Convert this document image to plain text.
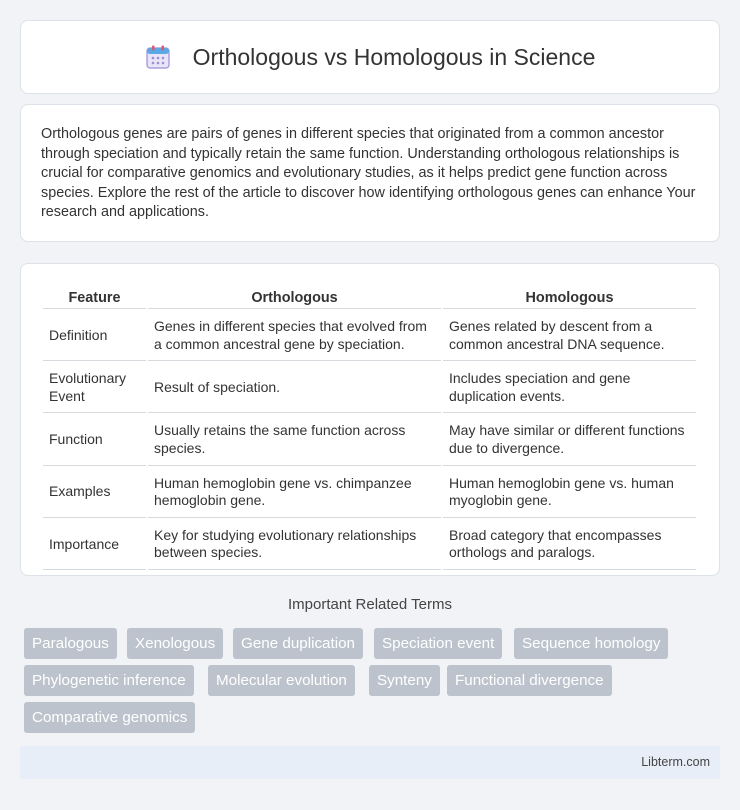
Orthologous vs Homologous in Science

Orthologous genes are pairs of genes in different species that originated from a common ancestor through speciation and typically retain the same function. Understanding orthologous relationships is crucial for comparative genomics and evolutionary studies, as it helps predict gene function across species. Explore the rest of the article to discover how identifying orthologous genes can enhance Your research and applications.

Feature	Orthologous	Homologous
Definition	Genes in different species that evolved from a common ancestral gene by speciation.	Genes related by descent from a common ancestral DNA sequence.
Evolutionary Event	Result of speciation.	Includes speciation and gene duplication events.
Function	Usually retains the same function across species.	May have similar or different functions due to divergence.
Examples	Human hemoglobin gene vs. chimpanzee hemoglobin gene.	Human hemoglobin gene vs. human myoglobin gene.
Importance	Key for studying evolutionary relationships between species.	Broad category that encompasses orthologs and paralogs.
Important Related Terms
Paralogous	Xenologous	Gene duplication	Speciation event	Sequence homology
Phylogenetic inference	Molecular evolution	Synteny	Functional divergence
Comparative genomics
Libterm.com
